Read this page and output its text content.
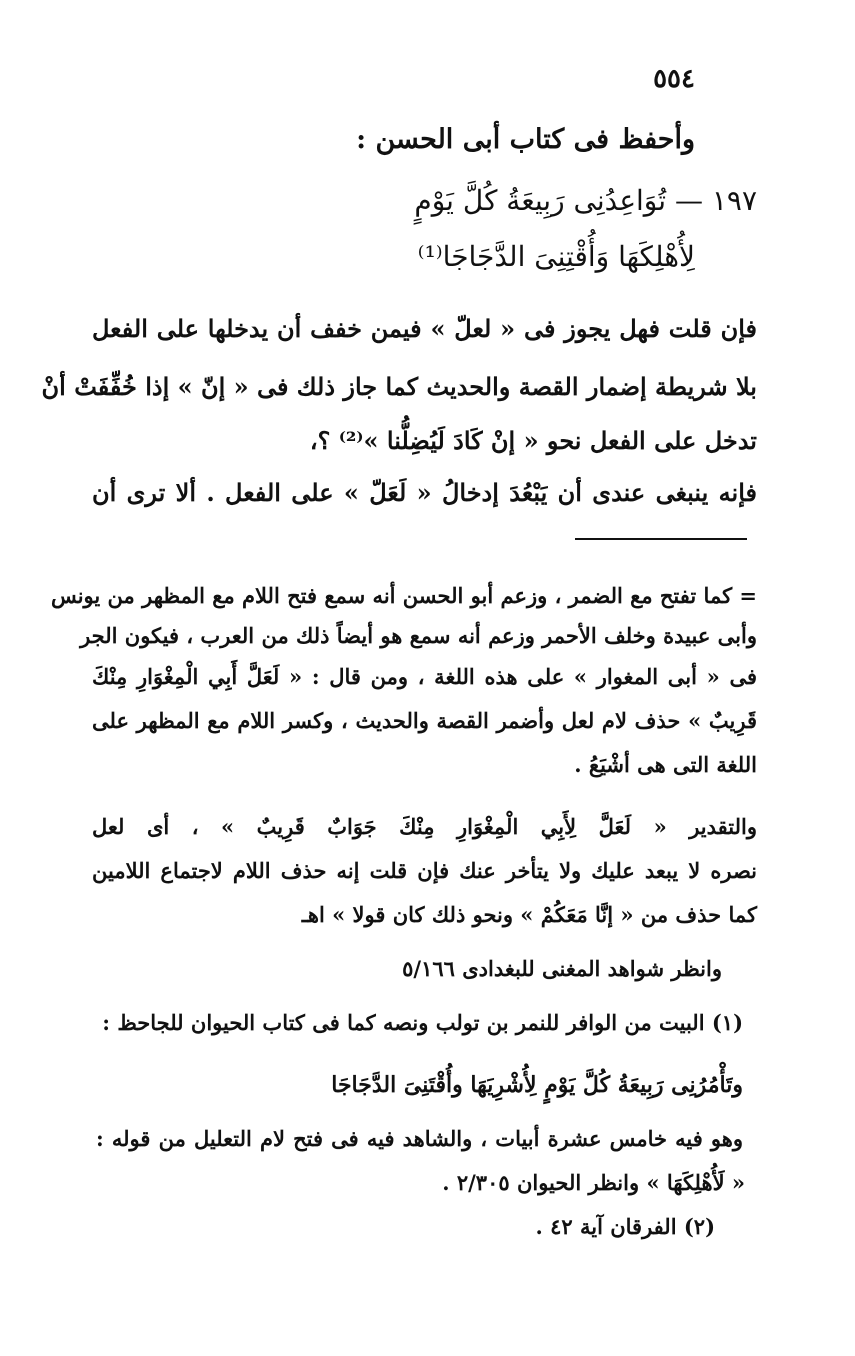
٥٥٤
وأحفظ فى كتاب أبى الحسن :
١٩٧ — تُوَاعِدُنِى رَبِيعَةُ كُلَّ يَوْمٍ
لِأُهْلِكَهَا وَأُقْتِنِىَ الدَّجَاجَا⁽¹⁾
فإن قلت فهل يجوز فى « لعلّ » فيمن خفف أن يدخلها على الفعل
بلا شريطة إضمار القصة والحديث كما جاز ذلك فى « إنّ » إذا خُفِّفَتْ أنْ
تدخل على الفعل نحو « إنْ كَادَ لَيُضِلُّنا »⁽²⁾ ؟،
فإنه ينبغى عندى أن يَبْعُدَ إدخالُ « لَعَلّ » على الفعل . ألا ترى أن
= كما تفتح مع الضمر ، وزعم أبو الحسن أنه سمع فتح اللام مع المظهر من يونس
وأبى عبيدة وخلف الأحمر وزعم أنه سمع هو أيضاً ذلك من العرب ، فيكون الجر
فى « أبى المغوار » على هذه اللغة ، ومن قال : « لَعَلَّ أَبِي الْمِغْوَارِ مِنْكَ
قَرِيبٌ » حذف لام لعل وأضمر القصة والحديث ، وكسر اللام مع المظهر على
اللغة التى هى أشْيَعُ .
والتقدير « لَعَلَّ لِأَبِي الْمِغْوَارِ مِنْكَ جَوَابٌ قَرِيبٌ » ، أى لعل
نصره لا يبعد عليك ولا يتأخر عنك فإن قلت إنه حذف اللام لاجتماع اللامين
كما حذف من « إنَّا مَعَكُمْ » ونحو ذلك كان قولا » اهـ
وانظر شواهد المغنى للبغدادى ٥/١٦٦
(١) البيت من الوافر للنمر بن تولب ونصه كما فى كتاب الحيوان للجاحظ :
وتَأْمُرُنِى رَبِيعَةُ كُلَّ يَوْمٍ لِأُشْرِيَهَا وأُقْتَنِىَ الدَّجَاجَا
وهو فيه خامس عشرة أبيات ، والشاهد فيه فى فتح لام التعليل من قوله :
« لَأُهْلِكَهَا » وانظر الحيوان ٢/٣٠٥ .
(٢) الفرقان آية ٤٢ .
